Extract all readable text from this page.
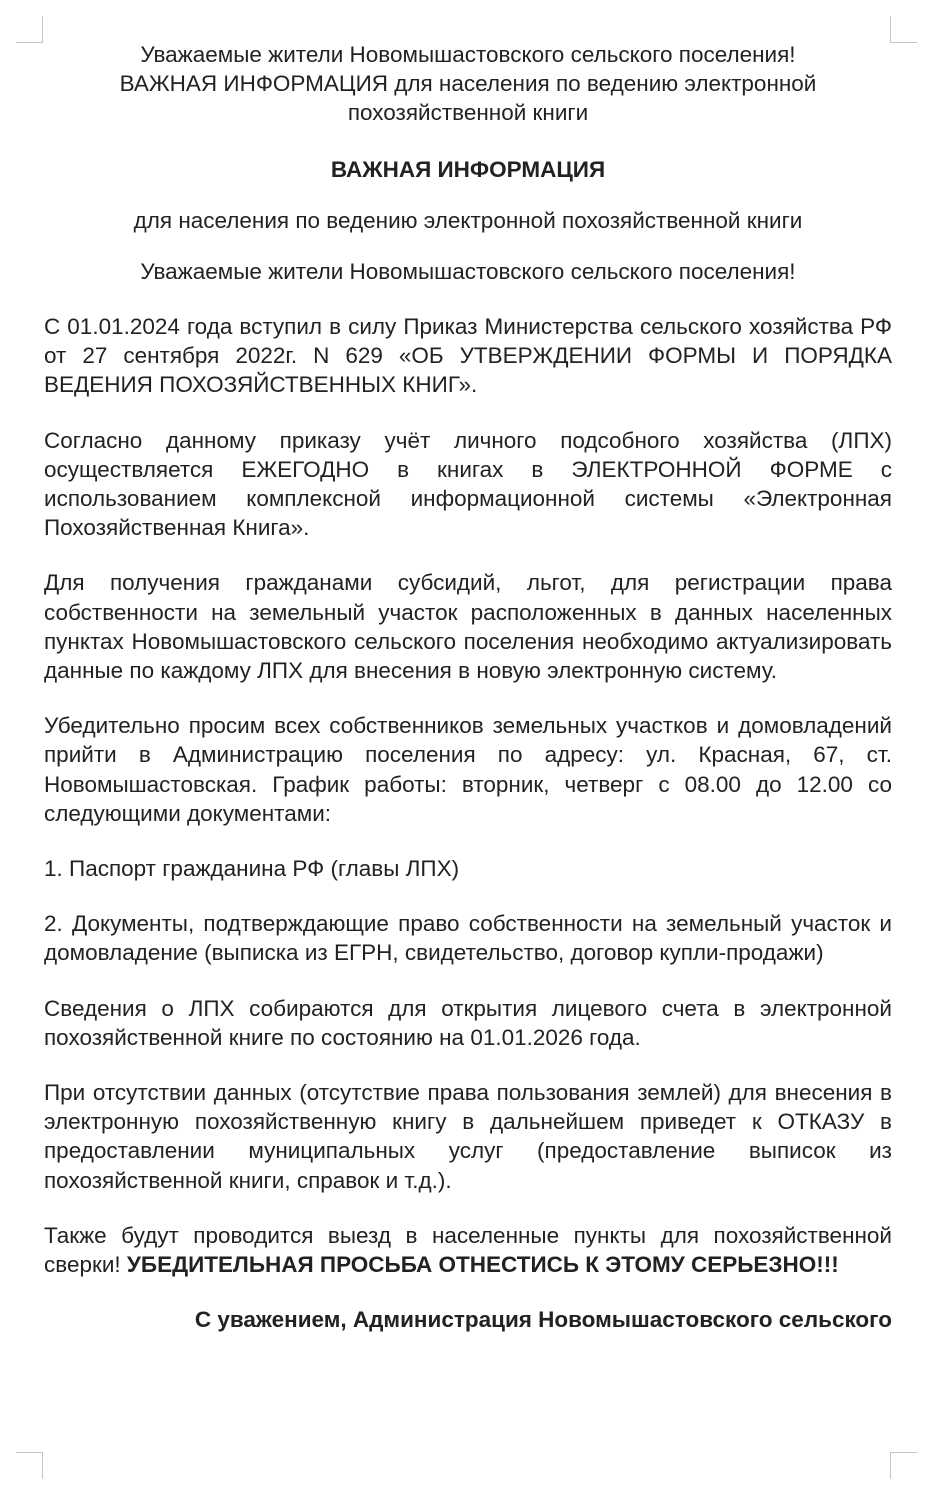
Уважаемые жители Новомышастовского сельского поселения!
ВАЖНАЯ ИНФОРМАЦИЯ для населения по ведению электронной
похозяйственной книги

ВАЖНАЯ ИНФОРМАЦИЯ

для населения по ведению электронной похозяйственной книги

Уважаемые жители Новомышастовского сельского поселения!

С 01.01.2024 года вступил в силу Приказ Министерства сельского хозяйства РФ от 27 сентября 2022г. N 629 «ОБ УТВЕРЖДЕНИИ ФОРМЫ И ПОРЯДКА ВЕДЕНИЯ ПОХОЗЯЙСТВЕННЫХ КНИГ».

Согласно данному приказу учёт личного подсобного хозяйства (ЛПХ) осуществляется ЕЖЕГОДНО в книгах в ЭЛЕКТРОННОЙ ФОРМЕ с использованием комплексной информационной системы «Электронная Похозяйственная Книга».

Для получения гражданами субсидий, льгот, для регистрации права собственности на земельный участок расположенных в данных населенных пунктах Новомышастовского сельского поселения необходимо актуализировать данные по каждому ЛПХ для внесения в новую электронную систему.

Убедительно просим всех собственников земельных участков и домовладений прийти в Администрацию поселения по адресу: ул. Красная, 67, ст. Новомышастовская. График работы: вторник, четверг с 08.00 до 12.00 со следующими документами:

1. Паспорт гражданина РФ (главы ЛПХ)

2. Документы, подтверждающие право собственности на земельный участок и домовладение (выписка из ЕГРН, свидетельство, договор купли-продажи)

Сведения о ЛПХ собираются для открытия лицевого счета в электронной похозяйственной книге по состоянию на 01.01.2026 года.

При отсутствии данных (отсутствие права пользования землей) для внесения в электронную похозяйственную книгу в дальнейшем приведет к ОТКАЗУ в предоставлении муниципальных услуг (предоставление выписок из похозяйственной книги, справок и т.д.).

Также будут проводится выезд в населенные пункты для похозяйственной сверки! УБЕДИТЕЛЬНАЯ ПРОСЬБА ОТНЕСТИСЬ К ЭТОМУ СЕРЬЕЗНО!!!

С уважением, Администрация Новомышастовского сельского
